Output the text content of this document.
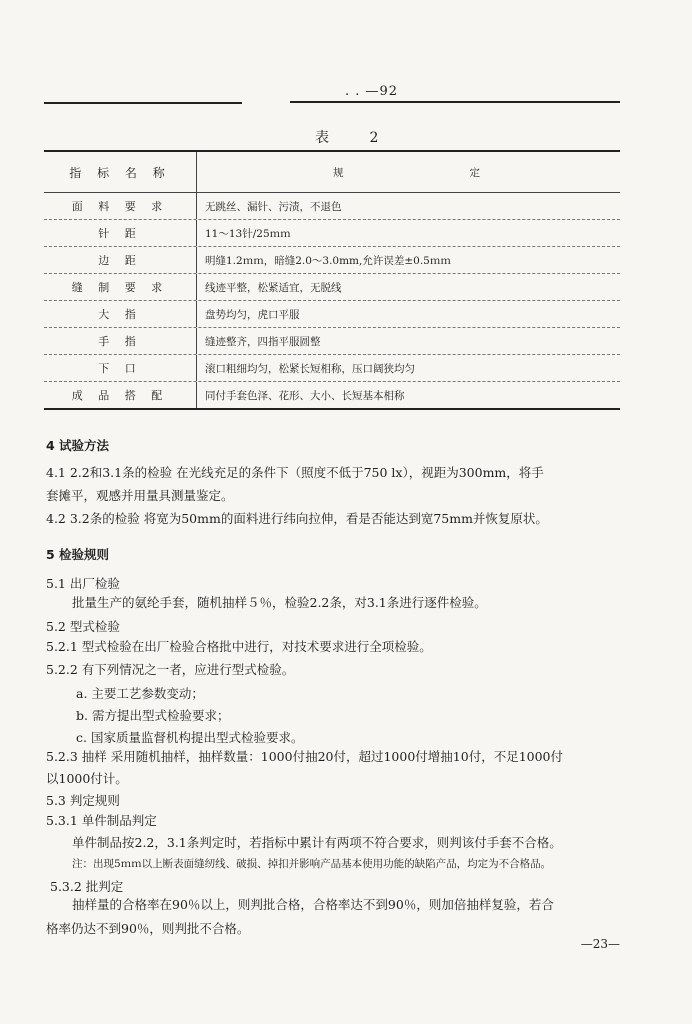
. . —92
表 2
指 标 名 称	规	定
面 料 要 求	无跳丝、漏针、污渍，不退色
针 距	11～13针/25ｍｍ
边 距	明缝1.2ｍｍ，暗缝2.0～3.0mm,允许误差±0.5ｍｍ
缝 制 要 求	线迹平整，松紧适宜，无脱线
大 指	盘势均匀，虎口平服
手 指	缝迹整齐，四指平服圆整
下 口	滚口粗细均匀，松紧长短相称，压口阔狭均匀
成 品 搭 配	同付手套色泽、花形、大小、长短基本相称
4 试验方法
4.1 2.2和3.1条的检验 在光线充足的条件下（照度不低于750 lx），视距为300mm，将手
套摊平，观感并用量具测量鉴定。
4.2 3.2条的检验 将宽为50mm的面料进行纬向拉伸，看是否能达到宽75mm并恢复原状。
5 检验规则
5.1 出厂检验
批量生产的氨纶手套，随机抽样５％，检验2.2条，对3.1条进行逐件检验。
5.2 型式检验
5.2.1 型式检验在出厂检验合格批中进行，对技术要求进行全项检验。
5.2.2 有下列情况之一者，应进行型式检验。
a. 主要工艺参数变动；
b. 需方提出型式检验要求；
c. 国家质量监督机构提出型式检验要求。
5.2.3 抽样 采用随机抽样，抽样数量：1000付抽20付，超过1000付增抽10付，不足1000付
以1000付计。
5.3 判定规则
5.3.1 单件制品判定
单件制品按2.2，3.1条判定时，若指标中累计有两项不符合要求，则判该付手套不合格。
注：出现5ｍｍ以上断表面缝纫线、破损、掉扣并影响产品基本使用功能的缺陷产品，均定为不合格品。
5.3.2 批判定
抽样量的合格率在90％以上，则判批合格，合格率达不到90％，则加倍抽样复验，若合
格率仍达不到90％，则判批不合格。
—23—
